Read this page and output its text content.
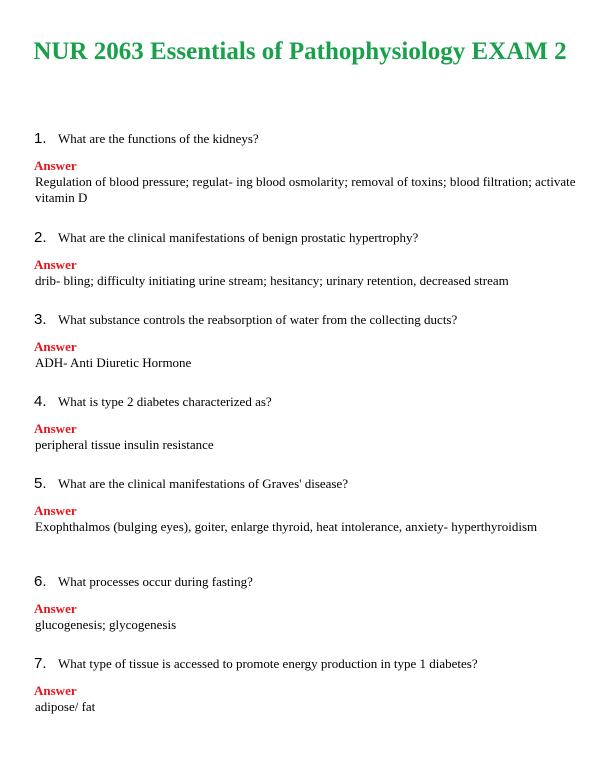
NUR 2063 Essentials of Pathophysiology EXAM 2
1. What are the functions of the kidneys?
Answer
Regulation of blood pressure; regulat- ing blood osmolarity; removal of toxins; blood filtration; activate vitamin D
2. What are the clinical manifestations of benign prostatic hypertrophy?
Answer
drib- bling; difficulty initiating urine stream; hesitancy; urinary retention, decreased stream
3. What substance controls the reabsorption of water from the collecting ducts?
Answer
ADH- Anti Diuretic Hormone
4. What is type 2 diabetes characterized as?
Answer
peripheral tissue insulin resistance
5. What are the clinical manifestations of Graves' disease?
Answer
Exophthalmos (bulging eyes), goiter, enlarge thyroid, heat intolerance, anxiety- hyperthyroidism
6. What processes occur during fasting?
Answer
glucogenesis; glycogenesis
7. What type of tissue is accessed to promote energy production in type 1 diabetes?
Answer
adipose/ fat
